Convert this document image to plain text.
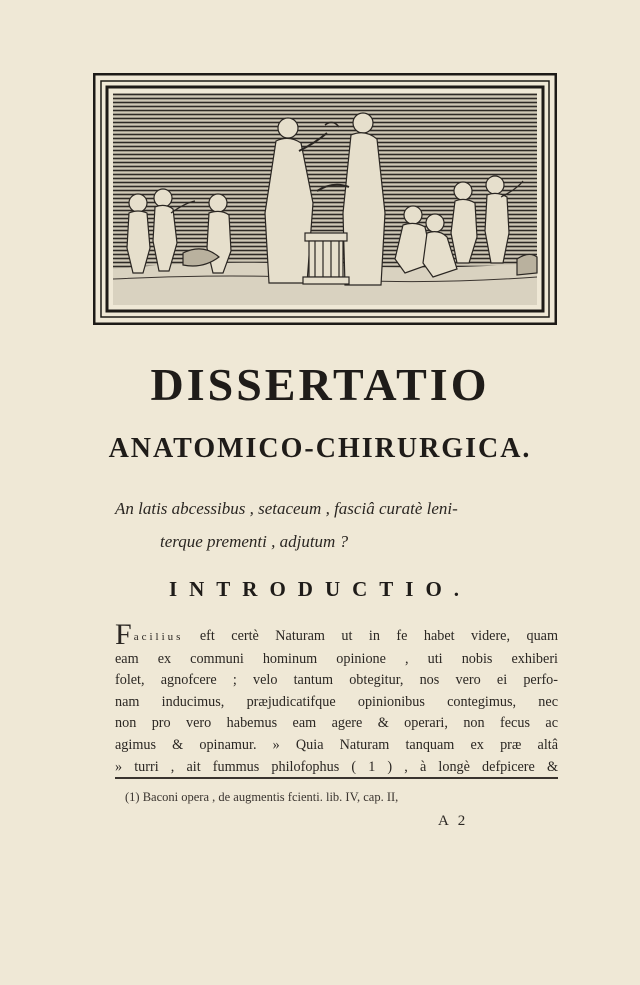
DISSERTATIO
ANATOMICO-CHIRURGICA.

An latis abcessibus , setaceum , fasciâ curatè leni-
terque prementi , adjutum ?

INTRODUCTIO.
Facilius eft certè Naturam ut in fe habet videre, quam
eam ex communi hominum opinione , uti nobis exhiberi
folet, agnofcere ; velo tantum obtegitur, nos vero ei perfo-
nam inducimus, præjudicatifque opinionibus contegimus, nec
non pro vero habemus eam agere & operari, non fecus ac
agimus & opinamur. » Quia Naturam tanquam ex præ altâ
» turri , ait fummus philofophus ( 1 ) , à longè defpicere &

(1) Baconi opera , de augmentis fcienti. lib. IV, cap. II,

A 2
